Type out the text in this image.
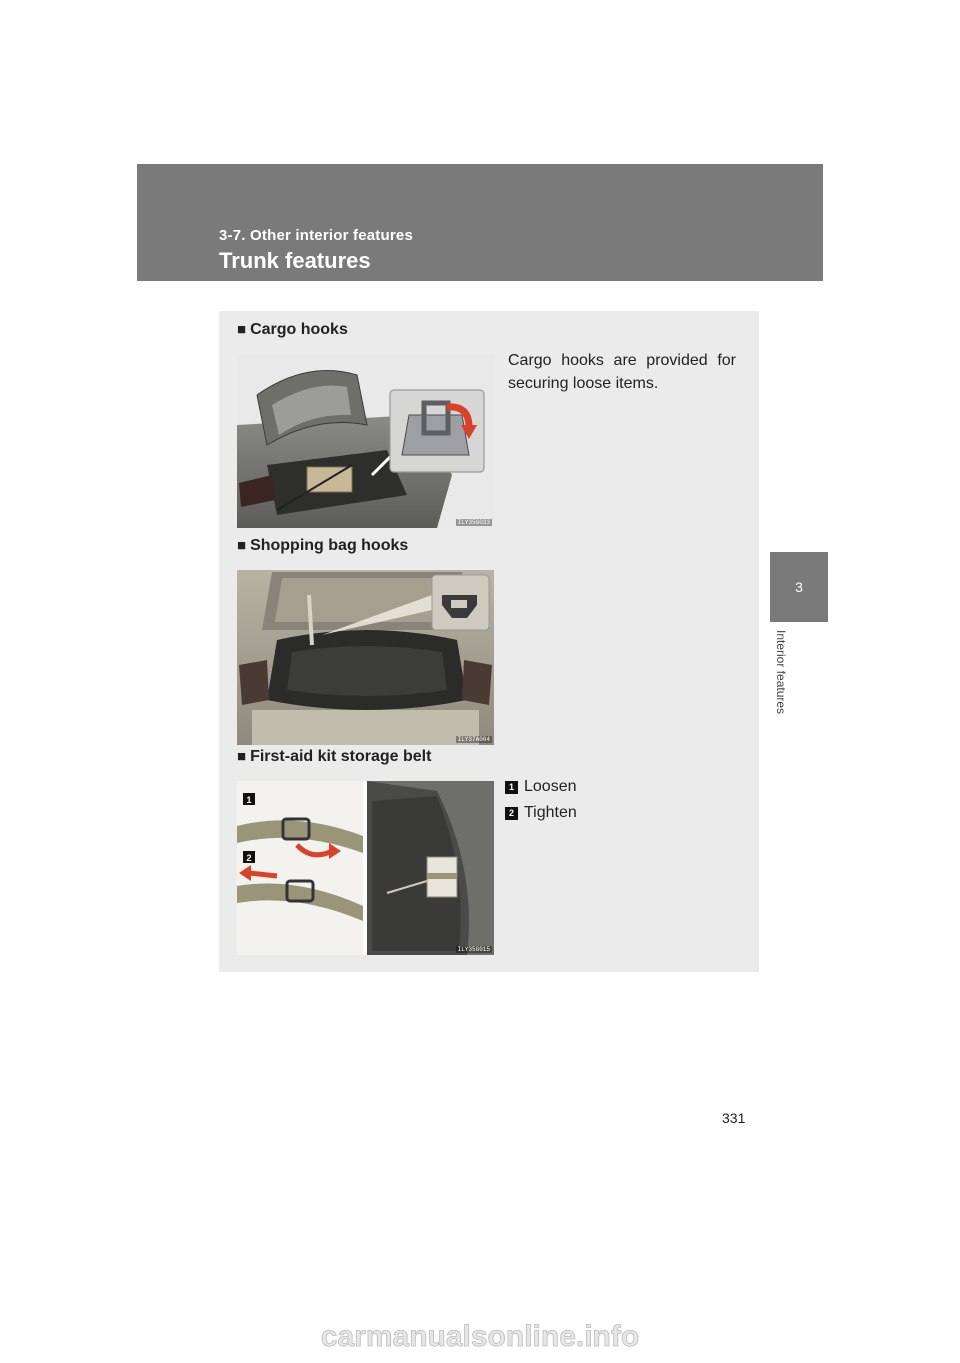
3-7. Other interior features
Trunk features
3
Interior features
■ Cargo hooks
Cargo hooks are provided for securing loose items.
ILY35G033
■ Shopping bag hooks
ILY37A004
■ First-aid kit storage belt
1 Loosen
2 Tighten
1
2
ILY35G015
331
carmanualsonline.info
